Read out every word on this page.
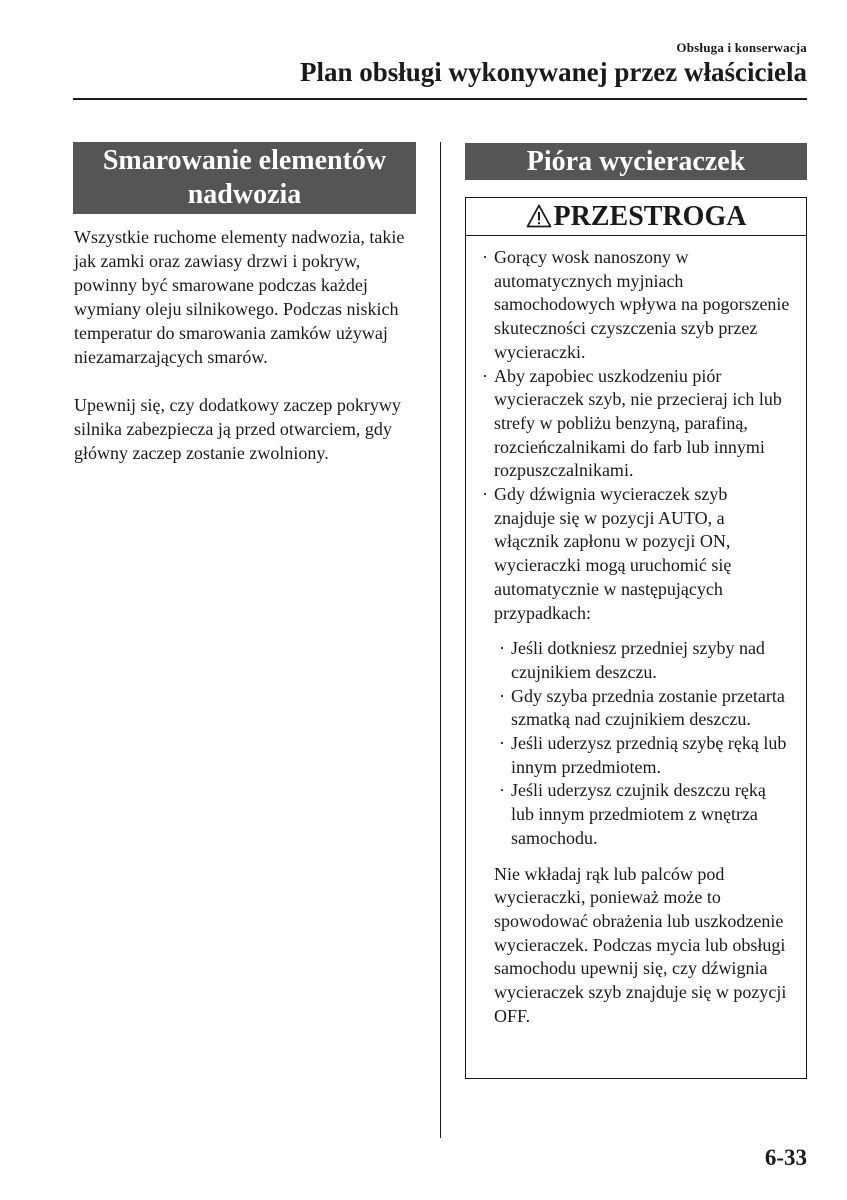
Obsługa i konserwacja
Plan obsługi wykonywanej przez właściciela
Smarowanie elementów
nadwozia

Wszystkie ruchome elementy nadwozia, takie jak zamki oraz zawiasy drzwi i pokryw, powinny być smarowane podczas każdej wymiany oleju silnikowego. Podczas niskich temperatur do smarowania zamków używaj niezamarzających smarów.

Upewnij się, czy dodatkowy zaczep pokrywy silnika zabezpiecza ją przed otwarciem, gdy główny zaczep zostanie zwolniony.

Pióra wycieraczek
PRZESTROGA
· Gorący wosk nanoszony w automatycznych myjniach samochodowych wpływa na pogorszenie skuteczności czyszczenia szyb przez wycieraczki.
· Aby zapobiec uszkodzeniu piór wycieraczek szyb, nie przecieraj ich lub strefy w pobliżu benzyną, parafiną, rozcieńczalnikami do farb lub innymi rozpuszczalnikami.
· Gdy dźwignia wycieraczek szyb znajduje się w pozycji AUTO, a włącznik zapłonu w pozycji ON, wycieraczki mogą uruchomić się automatycznie w następujących przypadkach:
· Jeśli dotkniesz przedniej szyby nad czujnikiem deszczu.
· Gdy szyba przednia zostanie przetarta szmatką nad czujnikiem deszczu.
· Jeśli uderzysz przednią szybę ręką lub innym przedmiotem.
· Jeśli uderzysz czujnik deszczu ręką lub innym przedmiotem z wnętrza samochodu.
Nie wkładaj rąk lub palców pod wycieraczki, ponieważ może to spowodować obrażenia lub uszkodzenie wycieraczek. Podczas mycia lub obsługi samochodu upewnij się, czy dźwignia wycieraczek szyb znajduje się w pozycji OFF.
6-33
